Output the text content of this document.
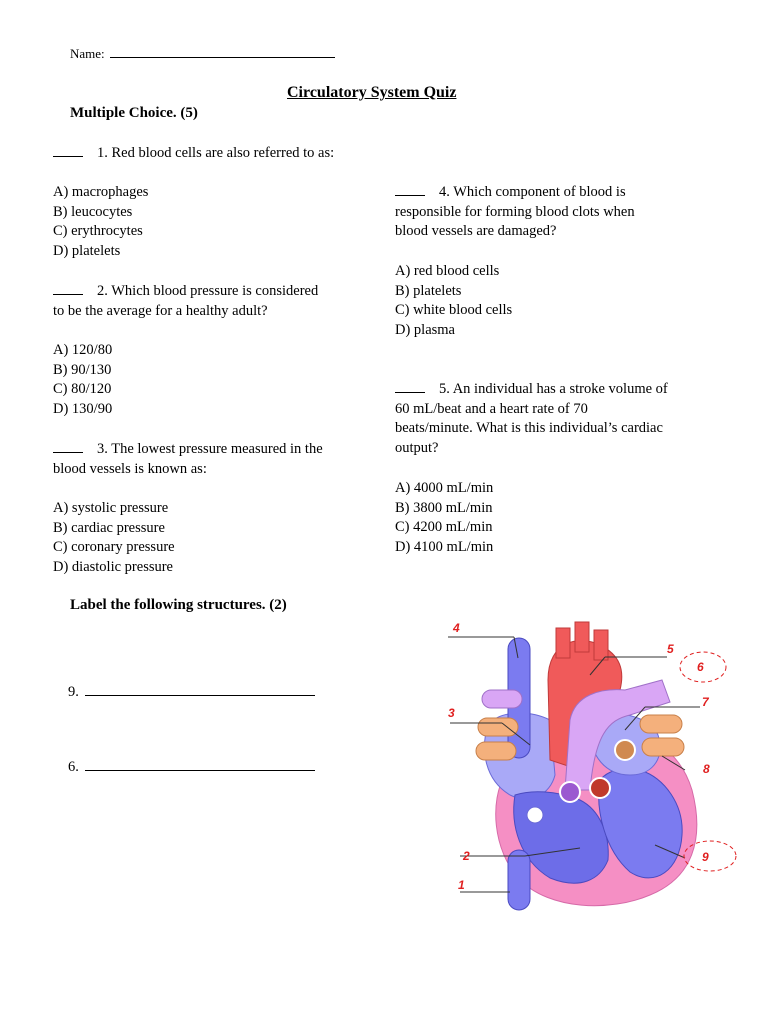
Name:
Circulatory System Quiz
Multiple Choice. (5)
1. Red blood cells are also referred to as:
A) macrophages
B) leucocytes
C) erythrocytes
D) platelets
2. Which blood pressure is considered
to be the average for a healthy adult?
A) 120/80
B) 90/130
C) 80/120
D) 130/90
3. The lowest pressure measured in the
blood vessels is known as:
A) systolic pressure
B) cardiac pressure
C) coronary pressure
D) diastolic pressure
4. Which component of blood is
responsible for forming blood clots when
blood vessels are damaged?
A) red blood cells
B) platelets
C) white blood cells
D) plasma
5. An individual has a stroke volume of
60 mL/beat and a heart rate of 70
beats/minute. What is this individual’s cardiac
output?
A) 4000 mL/min
B) 3800 mL/min
C) 4200 mL/min
D) 4100 mL/min
Label the following structures. (2)
9.
6.
1
2
3
4
5
6
7
8
9
